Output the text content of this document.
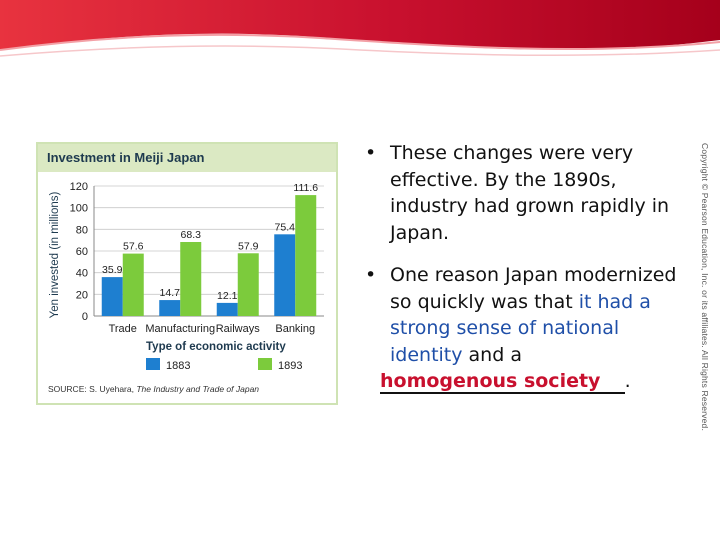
Copyright © Pearson Education, Inc. or its affiliates. All Rights Reserved.
Investment in Meiji Japan
0
20
40
60
80
100
120
Yen invested (in millions)	35.9
57.6
Trade
14.7
68.3
Manufacturing
12.1
57.9
Railways
75.4
111.6
Banking
Type of economic activity
1883	1893
SOURCE: S. Uyehara, The Industry and Trade of Japan
• These changes were very effective. By the 1890s, industry had grown rapidly in Japan.
• One reason Japan modernized so quickly was that it had a strong sense of national identity and a
homogenous society .
